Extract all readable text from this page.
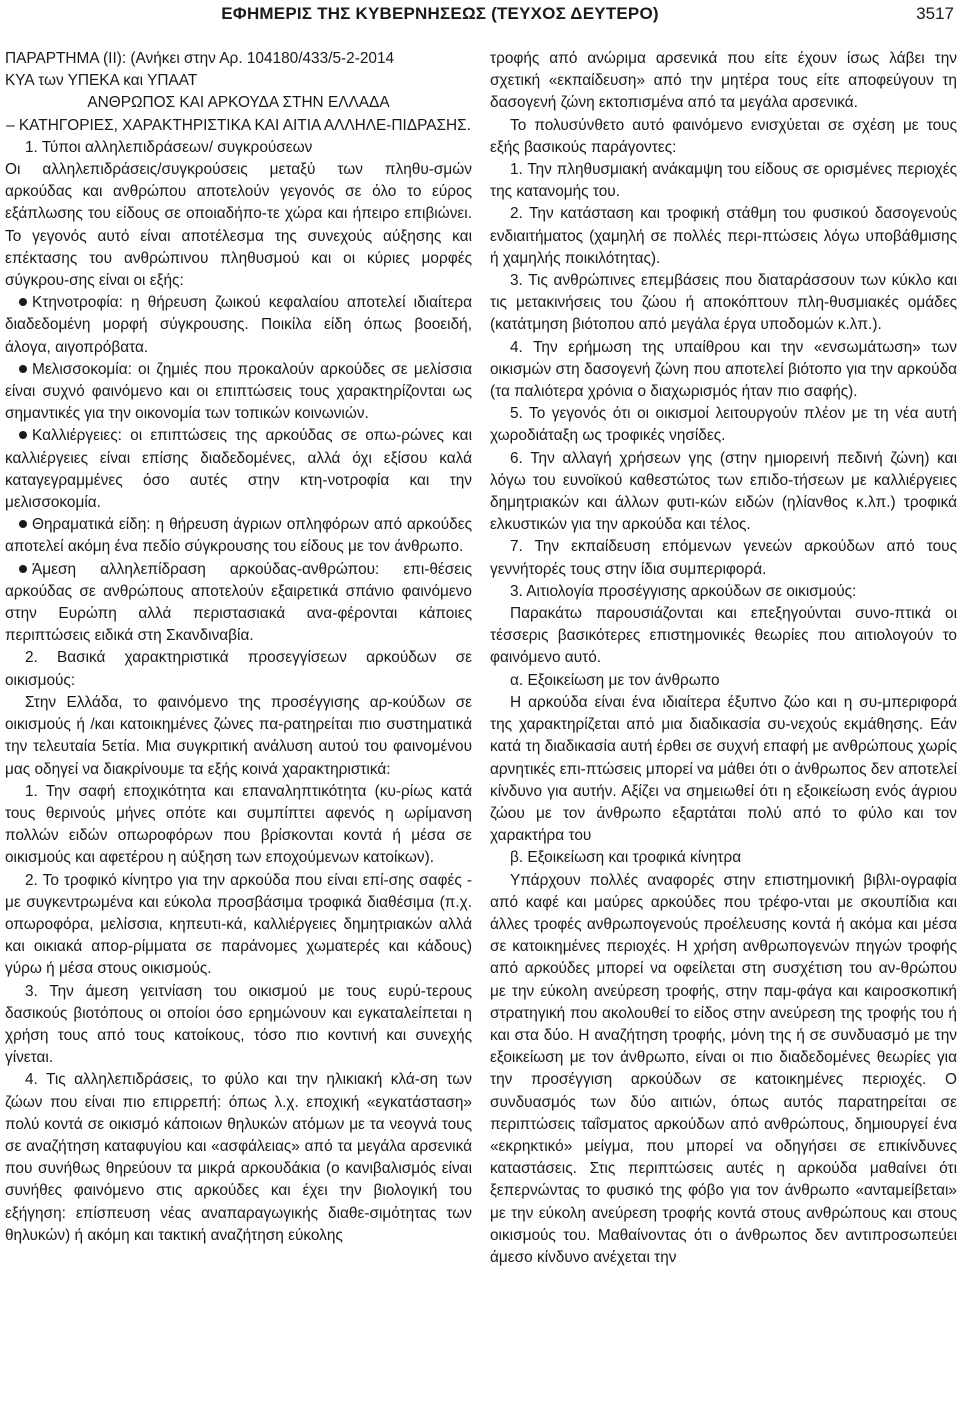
ΕΦΗΜΕΡΙΣ ΤΗΣ ΚΥΒΕΡΝΗΣΕΩΣ (ΤΕΥΧΟΣ ΔΕΥΤΕΡΟ)	3517

ΠΑΡΑΡΤΗΜΑ (ΙΙ): (Ανήκει στην Αρ. 104180/433/5-2-2014

ΚΥΑ των ΥΠΕΚΑ και ΥΠΑΑΤ

ΑΝΘΡΩΠΟΣ ΚΑΙ ΑΡΚΟΥΔΑ ΣΤΗΝ ΕΛΛΑΔΑ

– ΚΑΤΗΓΟΡΙΕΣ, ΧΑΡΑΚΤΗΡΙΣΤΙΚΑ ΚΑΙ ΑΙΤΙΑ ΑΛΛΗΛΕ-ΠΙΔΡΑΣΗΣ.

1. Τύποι αλληλεπιδράσεων/ συγκρούσεων

Οι αλληλεπιδράσεις/συγκρούσεις μεταξύ των πληθυ-σμών αρκούδας και ανθρώπου αποτελούν γεγονός σε όλο το εύρος εξάπλωσης του είδους σε οποιαδήπο-τε χώρα και ήπειρο επιβιώνει. Το γεγονός αυτό είναι αποτέλεσμα της συνεχούς αύξησης και επέκτασης του ανθρώπινου πληθυσμού και οι κύριες μορφές σύγκρου-σης είναι οι εξής:

Κτηνοτροφία: η θήρευση ζωικού κεφαλαίου αποτελεί ιδιαίτερα διαδεδομένη μορφή σύγκρουσης. Ποικίλα είδη όπως βοοειδή, άλογα, αιγοπρόβατα.

Μελισσοκομία: οι ζημιές που προκαλούν αρκούδες σε μελίσσια είναι συχνό φαινόμενο και οι επιπτώσεις τους χαρακτηρίζονται ως σημαντικές για την οικονομία των τοπικών κοινωνιών.

Καλλιέργειες: οι επιπτώσεις της αρκούδας σε οπω-ρώνες και καλλιέργειες είναι επίσης διαδεδομένες, αλλά όχι εξίσου καλά καταγεγραμμένες όσο αυτές στην κτη-νοτροφία και την μελισσοκομία.

Θηραματικά είδη: η θήρευση άγριων οπληφόρων από αρκούδες αποτελεί ακόμη ένα πεδίο σύγκρουσης του είδους με τον άνθρωπο.

Άμεση αλληλεπίδραση αρκούδας-ανθρώπου: επι-θέσεις αρκούδας σε ανθρώπους αποτελούν εξαιρετικά σπάνιο φαινόμενο στην Ευρώπη αλλά περιστασιακά ανα-φέρονται κάποιες περιπτώσεις ειδικά στη Σκανδιναβία.

2. Βασικά χαρακτηριστικά προσεγγίσεων αρκούδων σε οικισμούς:

Στην Ελλάδα, το φαινόμενο της προσέγγισης αρ-κούδων σε οικισμούς ή /και κατοικημένες ζώνες πα-ρατηρείται πιο συστηματικά την τελευταία 5ετία. Μια συγκριτική ανάλυση αυτού του φαινομένου μας οδηγεί να διακρίνουμε τα εξής κοινά χαρακτηριστικά:

1. Την σαφή εποχικότητα και επαναληπτικότητα (κυ-ρίως κατά τους θερινούς μήνες οπότε και συμπίπτει αφενός η ωρίμανση πολλών ειδών οπωροφόρων που βρίσκονται κοντά ή μέσα σε οικισμούς και αφετέρου η αύξηση των εποχούμενων κατοίκων).

2. Το τροφικό κίνητρο για την αρκούδα που είναι επί-σης σαφές - με συγκεντρωμένα και εύκολα προσβάσιμα τροφικά διαθέσιμα (π.χ. οπωροφόρα, μελίσσια, κηπευτι-κά, καλλιέργειες δημητριακών αλλά και οικιακά απορ-ρίμματα σε παράνομες χωματερές και κάδους) γύρω ή μέσα στους οικισμούς.

3. Την άμεση γειτνίαση του οικισμού με τους ευρύ-τερους δασικούς βιοτόπους οι οποίοι όσο ερημώνουν και εγκαταλείπεται η χρήση τους από τους κατοίκους, τόσο πιο κοντινή και συνεχής γίνεται.

4. Τις αλληλεπιδράσεις, το φύλο και την ηλικιακή κλά-ση των ζώων που είναι πιο επιρρεπή: όπως λ.χ. εποχική «εγκατάσταση» πολύ κοντά σε οικισμό κάποιων θηλυκών ατόμων με τα νεογνά τους σε αναζήτηση καταφυγίου και «ασφάλειας» από τα μεγάλα αρσενικά που συνήθως θηρεύουν τα μικρά αρκουδάκια (ο κανιβαλισμός είναι συνήθες φαινόμενο στις αρκούδες και έχει την βιολογική του εξήγηση: επίσπευση νέας αναπαραγωγικής διαθε-σιμότητας των θηλυκών) ή ακόμη και τακτική αναζήτηση εύκολης

τροφής από ανώριμα αρσενικά που είτε έχουν ίσως λάβει την σχετική «εκπαίδευση» από την μητέρα τους είτε αποφεύγουν τη δασογενή ζώνη εκτοπισμένα από τα μεγάλα αρσενικά.

Το πολυσύνθετο αυτό φαινόμενο ενισχύεται σε σχέση με τους εξής βασικούς παράγοντες:

1. Την πληθυσμιακή ανάκαμψη του είδους σε ορισμένες περιοχές της κατανομής του.

2. Την κατάσταση και τροφική στάθμη του φυσικού δασογενούς ενδιαιτήματος (χαμηλή σε πολλές περι-πτώσεις λόγω υποβάθμισης ή χαμηλής ποικιλότητας).

3. Τις ανθρώπινες επεμβάσεις που διαταράσσουν των κύκλο και τις μετακινήσεις του ζώου ή αποκόπτουν πλη-θυσμιακές ομάδες (κατάτμηση βιότοπου από μεγάλα έργα υποδομών κ.λπ.).

4. Την ερήμωση της υπαίθρου και την «ενσωμάτωση» των οικισμών στη δασογενή ζώνη που αποτελεί βιότοπο για την αρκούδα (τα παλιότερα χρόνια ο διαχωρισμός ήταν πιο σαφής).

5. Το γεγονός ότι οι οικισμοί λειτουργούν πλέον με τη νέα αυτή χωροδιάταξη ως τροφικές νησίδες.

6. Την αλλαγή χρήσεων γης (στην ημιορεινή πεδινή ζώνη) και λόγω του ευνοϊκού καθεστώτος των επιδο-τήσεων με καλλιέργειες δημητριακών και άλλων φυτι-κών ειδών (ηλίανθος κ.λπ.) τροφικά ελκυστικών για την αρκούδα και τέλος.

7. Την εκπαίδευση επόμενων γενεών αρκούδων από τους γεννήτορές τους στην ίδια συμπεριφορά.

3. Αιτιολογία προσέγγισης αρκούδων σε οικισμούς:

Παρακάτω παρουσιάζονται και επεξηγούνται συνο-πτικά οι τέσσερις βασικότερες επιστημονικές θεωρίες που αιτιολογούν το φαινόμενο αυτό.

α. Εξοικείωση με τον άνθρωπο

Η αρκούδα είναι ένα ιδιαίτερα έξυπνο ζώο και η συ-μπεριφορά της χαρακτηρίζεται από μια διαδικασία συ-νεχούς εκμάθησης. Εάν κατά τη διαδικασία αυτή έρθει σε συχνή επαφή με ανθρώπους χωρίς αρνητικές επι-πτώσεις μπορεί να μάθει ότι ο άνθρωπος δεν αποτελεί κίνδυνο για αυτήν. Αξίζει να σημειωθεί ότι η εξοικείωση ενός άγριου ζώου με τον άνθρωπο εξαρτάται πολύ από το φύλο και τον χαρακτήρα του

β. Εξοικείωση και τροφικά κίνητρα

Υπάρχουν πολλές αναφορές στην επιστημονική βιβλι-ογραφία από καφέ και μαύρες αρκούδες που τρέφο-νται με σκουπίδια και άλλες τροφές ανθρωπογενούς προέλευσης κοντά ή ακόμα και μέσα σε κατοικημένες περιοχές. Η χρήση ανθρωπογενών πηγών τροφής από αρκούδες μπορεί να οφείλεται στη συσχέτιση του αν-θρώπου με την εύκολη ανεύρεση τροφής, στην παμ-φάγα και καιροσκοπική στρατηγική που ακολουθεί το είδος στην ανεύρεση της τροφής του ή και στα δύο. Η αναζήτηση τροφής, μόνη της ή σε συνδυασμό με την εξοικείωση με τον άνθρωπο, είναι οι πιο διαδεδομένες θεωρίες για την προσέγγιση αρκούδων σε κατοικημένες περιοχές. Ο συνδυασμός των δύο αιτιών, όπως αυτός παρατηρείται σε περιπτώσεις ταΐσματος αρκούδων από ανθρώπους, δημιουργεί ένα «εκρηκτικό» μείγμα, που μπορεί να οδηγήσει σε επικίνδυνες καταστάσεις. Στις περιπτώσεις αυτές η αρκούδα μαθαίνει ότι ξεπερνώντας το φυσικό της φόβο για τον άνθρωπο «ανταμείβεται» με την εύκολη ανεύρεση τροφής κοντά στους ανθρώπους και στους οικισμούς του. Μαθαίνοντας ότι ο άνθρωπος δεν αντιπροσωπεύει άμεσο κίνδυνο ανέχεται την
